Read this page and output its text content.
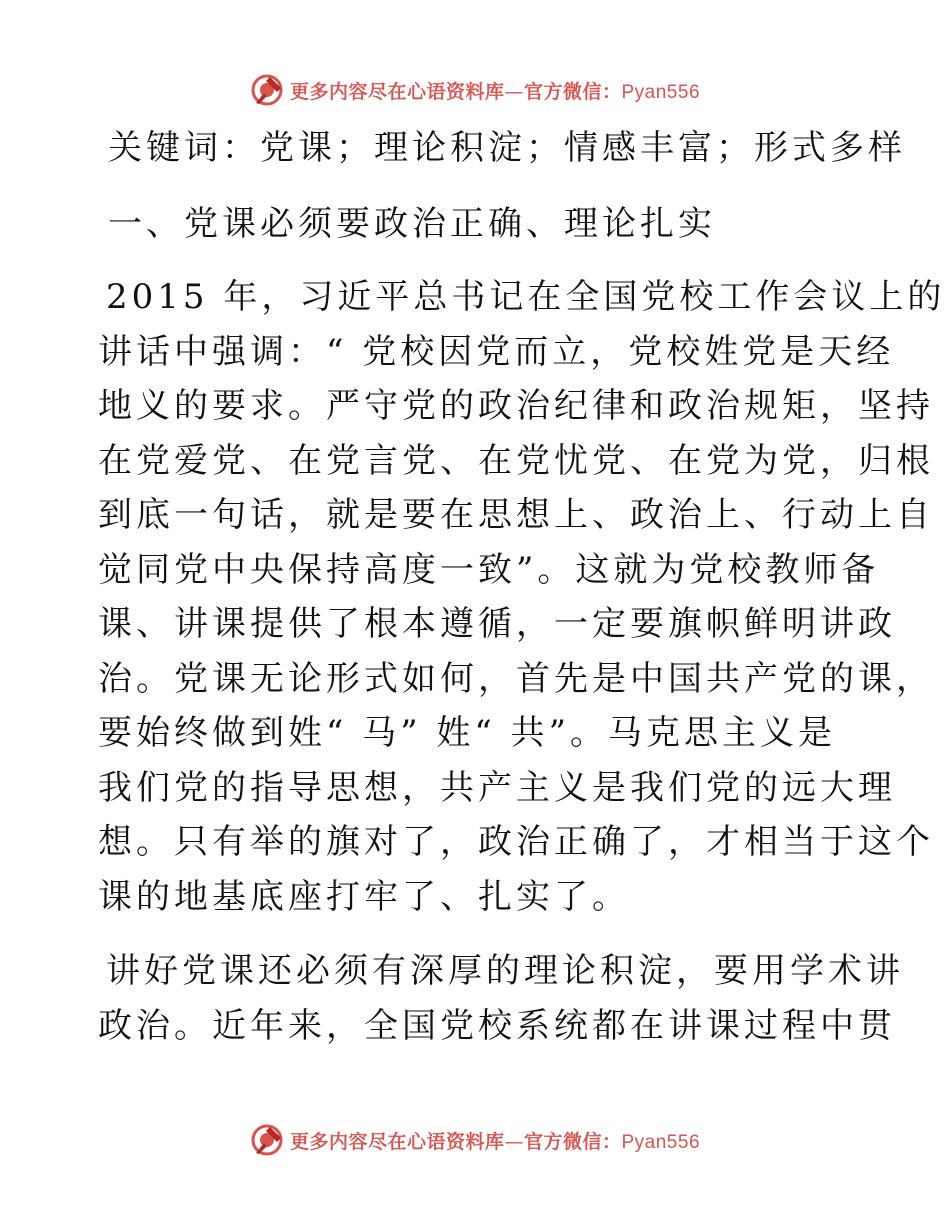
更多内容尽在心语资料库—官方微信：Pyan556

关键词：党课；理论积淀；情感丰富；形式多样

一、党课必须要政治正确、理论扎实

2015 年，习近平总书记在全国党校工作会议上的

讲话中强调：“ 党校因党而立，党校姓党是天经

地义的要求。严守党的政治纪律和政治规矩，坚持

在党爱党、在党言党、在党忧党、在党为党，归根

到底一句话，就是要在思想上、政治上、行动上自

觉同党中央保持高度一致”。这就为党校教师备

课、讲课提供了根本遵循，一定要旗帜鲜明讲政

治。党课无论形式如何，首先是中国共产党的课，

要始终做到姓“ 马” 姓“ 共”。马克思主义是

我们党的指导思想，共产主义是我们党的远大理

想。只有举的旗对了，政治正确了，才相当于这个

课的地基底座打牢了、扎实了。

讲好党课还必须有深厚的理论积淀，要用学术讲

政治。近年来，全国党校系统都在讲课过程中贯

更多内容尽在心语资料库—官方微信：Pyan556
